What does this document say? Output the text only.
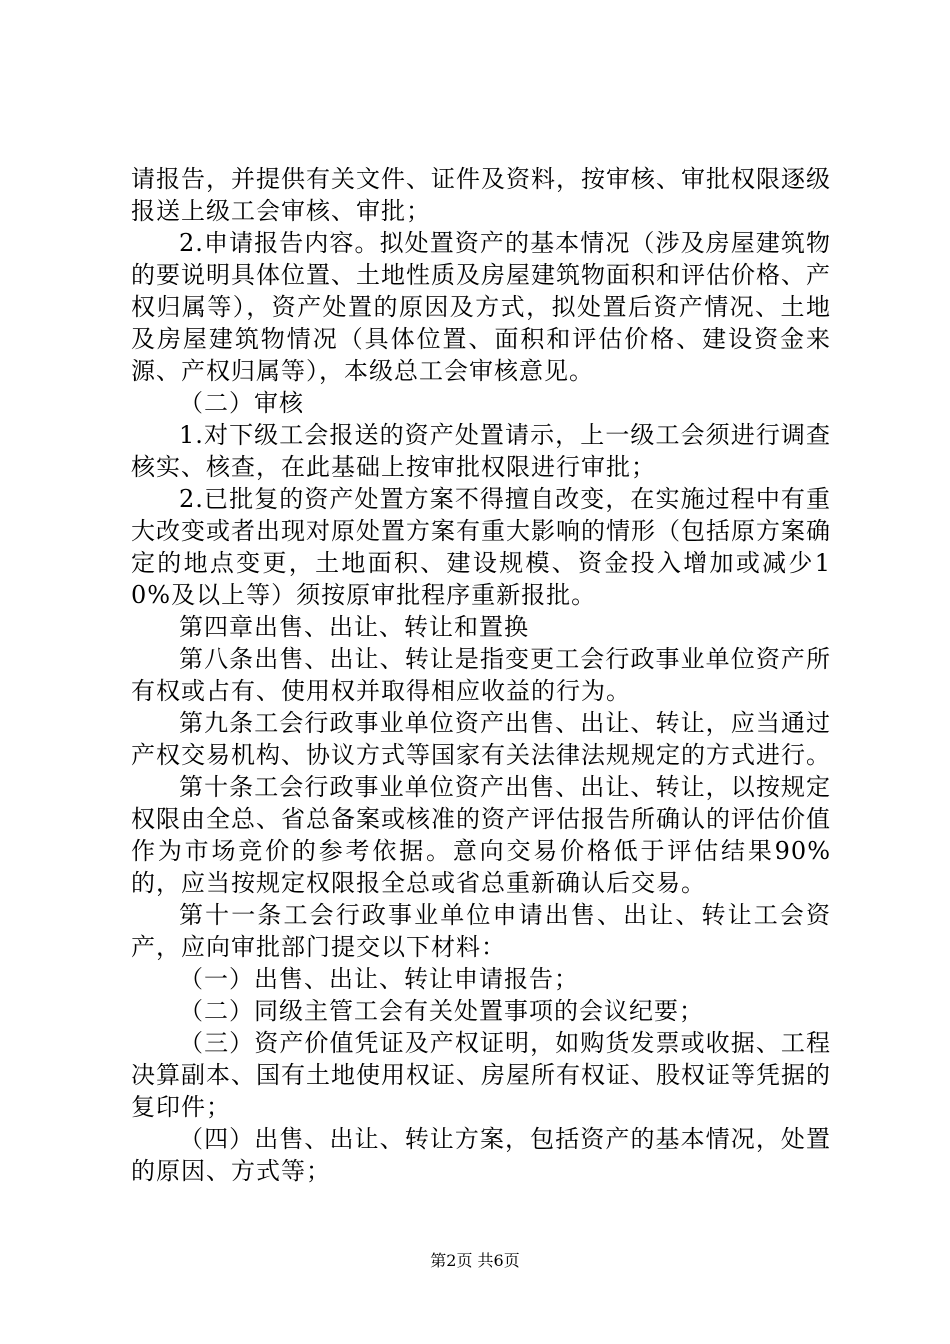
请报告，并提供有关文件、证件及资料，按审核、审批权限逐级报送上级工会审核、审批；

2.申请报告内容。拟处置资产的基本情况（涉及房屋建筑物的要说明具体位置、土地性质及房屋建筑物面积和评估价格、产权归属等），资产处置的原因及方式，拟处置后资产情况、土地及房屋建筑物情况（具体位置、面积和评估价格、建设资金来源、产权归属等），本级总工会审核意见。

（二）审核

1.对下级工会报送的资产处置请示，上一级工会须进行调查核实、核查，在此基础上按审批权限进行审批；

2.已批复的资产处置方案不得擅自改变，在实施过程中有重大改变或者出现对原处置方案有重大影响的情形（包括原方案确定的地点变更，土地面积、建设规模、资金投入增加或减少10%及以上等）须按原审批程序重新报批。

第四章出售、出让、转让和置换

第八条出售、出让、转让是指变更工会行政事业单位资产所有权或占有、使用权并取得相应收益的行为。

第九条工会行政事业单位资产出售、出让、转让，应当通过产权交易机构、协议方式等国家有关法律法规规定的方式进行。

第十条工会行政事业单位资产出售、出让、转让，以按规定权限由全总、省总备案或核准的资产评估报告所确认的评估价值作为市场竞价的参考依据。意向交易价格低于评估结果90%的，应当按规定权限报全总或省总重新确认后交易。

第十一条工会行政事业单位申请出售、出让、转让工会资产，应向审批部门提交以下材料：

（一）出售、出让、转让申请报告；

（二）同级主管工会有关处置事项的会议纪要；

（三）资产价值凭证及产权证明，如购货发票或收据、工程决算副本、国有土地使用权证、房屋所有权证、股权证等凭据的复印件；

（四）出售、出让、转让方案，包括资产的基本情况，处置的原因、方式等；

第2页 共6页
